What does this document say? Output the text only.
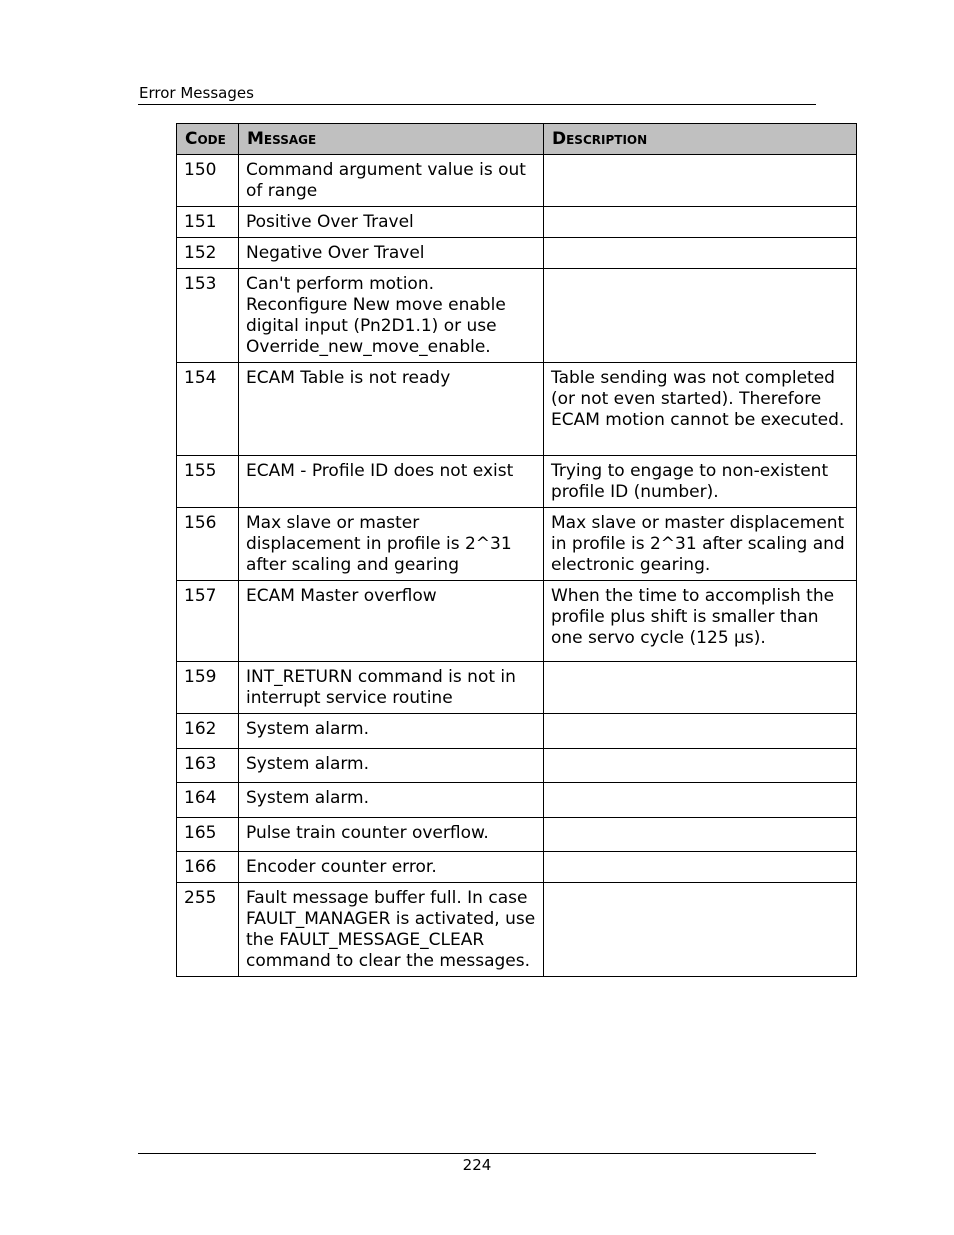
Error Messages
Code	Message	Description
150	Command argument value is out of range	
151	Positive Over Travel	
152	Negative Over Travel	
153	Can't perform motion. Reconfigure New move enable digital input (Pn2D1.1) or use Override_new_move_enable.	
154	ECAM Table is not ready	Table sending was not completed (or not even started). Therefore ECAM motion cannot be executed.
155	ECAM - Profile ID does not exist	Trying to engage to non-existent profile ID (number).
156	Max slave or master displacement in profile is 2^31 after scaling and gearing	Max slave or master displacement in profile is 2^31 after scaling and electronic gearing.
157	ECAM Master overflow	When the time to accomplish the profile plus shift is smaller than one servo cycle (125 µs).
159	INT_RETURN command is not in interrupt service routine	
162	System alarm.	
163	System alarm.	
164	System alarm.	
165	Pulse train counter overflow.	
166	Encoder counter error.	
255	Fault message buffer full. In case FAULT_MANAGER is activated, use the FAULT_MESSAGE_CLEAR command to clear the messages.	
224
